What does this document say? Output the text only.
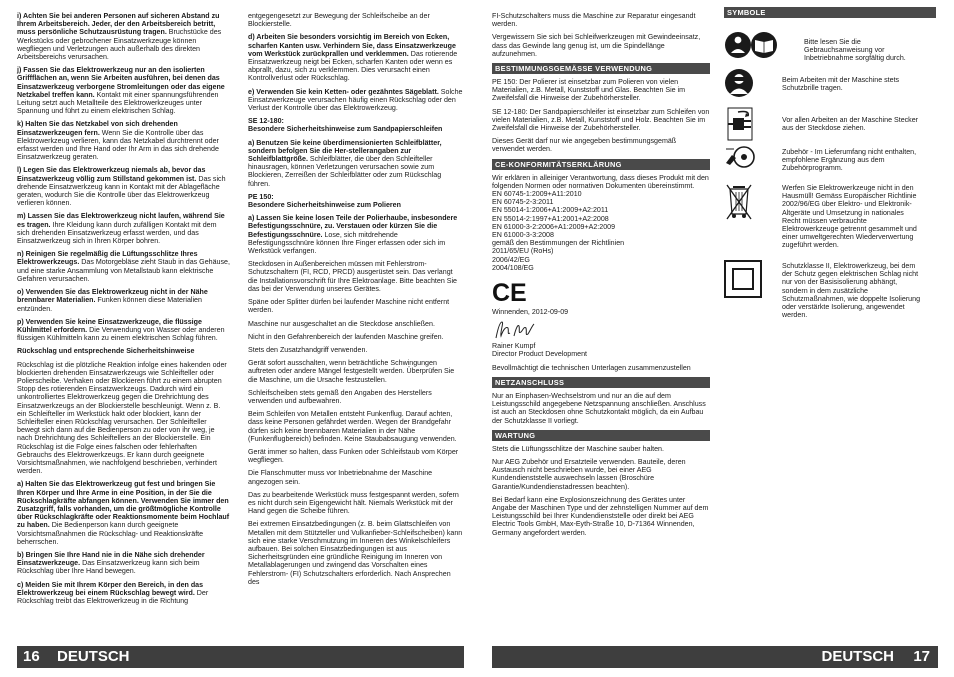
i) Achten Sie bei anderen Personen auf sicheren Abstand zu Ihrem Arbeitsbereich. Jeder, der den Arbeitsbereich betritt, muss persönliche Schutzausrüstung tragen. Bruchstücke des Werkstücks oder gebrochener Einsatzwerkzeuge können wegfliegen und Verletzungen auch außerhalb des direkten Arbeitsbereichs verursachen.

j) Fassen Sie das Elektrowerkzeug nur an den isolierten Griffflächen an, wenn Sie Arbeiten ausführen, bei denen das Einsatzwerkzeug verborgene Stromleitungen oder das eigene Netzkabel treffen kann. Kontakt mit einer spannungsführenden Leitung setzt auch Metallteile des Elektrowerkzeuges unter Spannung und führt zu einem elektrischen Schlag.

k) Halten Sie das Netzkabel von sich drehenden Einsatzwerkzeugen fern. Wenn Sie die Kontrolle über das Elektrowerkzeug verlieren, kann das Netzkabel durchtrennt oder erfasst werden und Ihre Hand oder Ihr Arm in das sich drehende Einsatzwerkzeug geraten.

l) Legen Sie das Elektrowerkzeug niemals ab, bevor das Einsatzwerkzeug völlig zum Stillstand gekommen ist. Das sich drehende Einsatzwerkzeug kann in Kontakt mit der Ablagefläche geraten, wodurch Sie die Kontrolle über das Elektrowerkzeug verlieren können.

m) Lassen Sie das Elektrowerkzeug nicht laufen, während Sie es tragen. Ihre Kleidung kann durch zufälligen Kontakt mit dem sich drehenden Einsatzwerkzeug erfasst werden, und das Einsatzwerkzeug sich in Ihren Körper bohren.

n) Reinigen Sie regelmäßig die Lüftungsschlitze Ihres Elektrowerkzeugs. Das Motorgebläse zieht Staub in das Gehäuse, und eine starke Ansammlung von Metallstaub kann elektrische Gefahren verursachen.

o) Verwenden Sie das Elektrowerkzeug nicht in der Nähe brennbarer Materialien. Funken können diese Materialien entzünden.

p) Verwenden Sie keine Einsatzwerkzeuge, die flüssige Kühlmittel erfordern. Die Verwendung von Wasser oder anderen flüssigen Kühlmitteln kann zu einem elektrischen Schlag führen.

Rückschlag und entsprechende Sicherheitshinweise

Rückschlag ist die plötzliche Reaktion infolge eines hakenden oder blockierten drehenden Einsatzwerkzeugs wie Schleifteller oder Polierscheibe. Verhaken oder Blockieren führt zu einem abrupten Stopp des rotierenden Einsatzwerkzeugs. Dadurch wird ein unkontrolliertes Elektrowerkzeug gegen die Drehrichtung des Einsatzwerkzeugs an der Blockierstelle beschleunigt. Wenn z. B. ein Schleifteller im Werkstück hakt oder blockiert, kann der Schleifteller einen Rückschlag verursachen. Der Schleifteller bewegt sich dann auf die Bedienperson zu oder von ihr weg, je nach Drehrichtung des Schleiftellers an der Blockierstelle. Ein Rückschlag ist die Folge eines falschen oder fehlerhaften Gebrauchs des Elektrowerkzeugs. Er kann durch geeignete Vorsichtsmaßnahmen, wie nachfolgend beschrieben, verhindert werden.

a) Halten Sie das Elektrowerkzeug gut fest und bringen Sie Ihren Körper und Ihre Arme in eine Position, in der Sie die Rückschlagkräfte abfangen können. Verwenden Sie immer den Zusatzgriff, falls vorhanden, um die größtmögliche Kontrolle über Rückschlagkräfte oder Reaktionsmomente beim Hochlauf zu haben. Die Bedienperson kann durch geeignete Vorsichtsmaßnahmen die Rückschlag- und Reaktionskräfte beherrschen.

b) Bringen Sie Ihre Hand nie in die Nähe sich drehender Einsatzwerkzeuge. Das Einsatzwerkzeug kann sich beim Rückschlag über Ihre Hand bewegen.

c) Meiden Sie mit Ihrem Körper den Bereich, in den das Elektrowerkzeug bei einem Rückschlag bewegt wird. Der Rückschlag treibt das Elektrowerkzeug in die Richtung

entgegengesetzt zur Bewegung der Schleifscheibe an der Blockierstelle.

d) Arbeiten Sie besonders vorsichtig im Bereich von Ecken, scharfen Kanten usw. Verhindern Sie, dass Einsatzwerkzeuge vom Werkstück zurückprallen und verklemmen. Das rotierende Einsatzwerkzeug neigt bei Ecken, scharfen Kanten oder wenn es abprallt, dazu, sich zu verklemmen. Dies verursacht einen Kontrollverlust oder Rückschlag.

e) Verwenden Sie kein Ketten- oder gezähntes Sägeblatt. Solche Einsatzwerkzeuge verursachen häufig einen Rückschlag oder den Verlust der Kontrolle über das Elektrowerkzeug.

SE 12-180:
Besondere Sicherheitshinweise zum Sandpapierschleifen

a) Benutzen Sie keine überdimensionierten Schleifblätter, sondern befolgen Sie die Her-stellerangaben zur Schleifblattgröße. Schleifblätter, die über den Schleifteller hinausragen, können Verletzungen verursachen sowie zum Blockieren, Zerreißen der Schleifblätter oder zum Rückschlag führen.

PE 150:
Besondere Sicherheitshinweise zum Polieren

a) Lassen Sie keine losen Teile der Polierhaube, insbesondere Befestigungsschnüre, zu. Verstauen oder kürzen Sie die Befestigungsschnüre. Lose, sich mitdrehende Befestigungsschnüre können Ihre Finger erfassen oder sich im Werkstück verfangen.

Steckdosen in Außenbereichen müssen mit Fehlerstrom-Schutzschaltern (FI, RCD, PRCD) ausgerüstet sein. Das verlangt die Installationsvorschrift für Ihre Elektroanlage. Bitte beachten Sie das bei der Verwendung unseres Gerätes.

Späne oder Splitter dürfen bei laufender Maschine nicht entfernt werden.

Maschine nur ausgeschaltet an die Steckdose anschließen.

Nicht in den Gefahrenbereich der laufenden Maschine greifen.

Stets den Zusatzhandgriff verwenden.

Gerät sofort ausschalten, wenn beträchtliche Schwingungen auftreten oder andere Mängel festgestellt werden. Überprüfen Sie die Maschine, um die Ursache festzustellen.

Schleifscheiben stets gemäß den Angaben des Herstellers verwenden und aufbewahren.

Beim Schleifen von Metallen entsteht Funkenflug. Darauf achten, dass keine Personen gefährdet werden. Wegen der Brandgefahr dürfen sich keine brennbaren Materialien in der Nähe (Funkenflugbereich) befinden. Keine Staubabsaugung verwenden.

Gerät immer so halten, dass Funken oder Schleifstaub vom Körper wegfliegen.

Die Flanschmutter muss vor Inbetriebnahme der Maschine angezogen sein.

Das zu bearbeitende Werkstück muss festgespannt werden, sofern es nicht durch sein Eigengewicht hält. Niemals Werkstück mit der Hand gegen die Scheibe führen.

Bei extremen Einsatzbedingungen (z. B. beim Glattschleifen von Metallen mit dem Stützteller und Vulkanfieber-Schleifscheiben) kann sich eine starke Verschmutzung im Inneren des Winkelschleifers aufbauen. Bei solchen Einsatzbedingungen ist aus Sicherheitsgründen eine gründliche Reinigung im Inneren von Metallablagerungen und zwingend das Vorschalten eines Fehlerstrom- (FI) Schutzschalters erforderlich. Nach Ansprechen des

FI-Schutzschalters muss die Maschine zur Reparatur eingesandt werden.

Vergewissern Sie sich bei Schleifwerkzeugen mit Gewindeeinsatz, dass das Gewinde lang genug ist, um die Spindellänge aufzunehmen.

BESTIMMUNGSGEMÄSSE VERWENDUNG

PE 150: Der Polierer ist einsetzbar zum Polieren von vielen Materialien, z.B. Metall, Kunststoff und Glas. Beachten Sie im Zweifelsfall die Hinweise der Zubehörhersteller.

SE 12-180: Der Sandpapierschleifer ist einsetzbar zum Schleifen von vielen Materialien, z.B. Metall, Kunststoff und Holz. Beachten Sie im Zweifelsfall die Hinweise der Zubehörhersteller.

Dieses Gerät darf nur wie angegeben bestimmungsgemäß verwendet werden.

CE-KONFORMITÄTSERKLÄRUNG

Wir erklären in alleiniger Verantwortung, dass dieses Produkt mit den folgenden Normen oder normativen Dokumenten übereinstimmt.

EN 60745-1:2009+A11:2010
EN 60745-2-3:2011
EN 55014-1:2006+A1:2009+A2:2011
EN 55014-2:1997+A1:2001+A2:2008
EN 61000-3-2:2006+A1:2009+A2:2009
EN 61000-3-3:2008
gemäß den Bestimmungen der Richtlinien
2011/65/EU (RoHs)
2006/42/EG
2004/108/EG
CE

Winnenden, 2012-09-09

Rainer Kumpf

Director Product Development

Bevollmächtigt die technischen Unterlagen zusammenzustellen

NETZANSCHLUSS

Nur an Einphasen-Wechselstrom und nur an die auf dem Leistungsschild angegebene Netzspannung anschließen. Anschluss ist auch an Steckdosen ohne Schutzkontakt möglich, da ein Aufbau der Schutzklasse II vorliegt.

WARTUNG

Stets die Lüftungsschlitze der Maschine sauber halten.

Nur AEG Zubehör und Ersatzteile verwenden. Bauteile, deren Austausch nicht beschrieben wurde, bei einer AEG Kundendienststelle auswechseln lassen (Broschüre Garantie/Kundendienstadressen beachten).

Bei Bedarf kann eine Explosionszeichnung des Gerätes unter Angabe der Maschinen Type und der zehnstelligen Nummer auf dem Leistungsschild bei Ihrer Kundendienststelle oder direkt bei AEG Electric Tools GmbH, Max-Eyth-Straße 10, D-71364 Winnenden, Germany angefordert werden.

SYMBOLE
Bitte lesen Sie die Gebrauchsanweisung vor Inbetriebnahme sorgfältig durch.
Beim Arbeiten mit der Maschine stets Schutzbrille tragen.
Vor allen Arbeiten an der Maschine Stecker aus der Steckdose ziehen.
Zubehör - Im Lieferumfang nicht enthalten, empfohlene Ergänzung aus dem Zubehörprogramm.
Werfen Sie Elektrowerkzeuge nicht in den Hausmüll! Gemäss Europäischer Richtlinie 2002/96/EG über Elektro- und Elektronik-Altgeräte und Umsetzung in nationales Recht müssen verbrauchte Elektrowerkzeuge getrennt gesammelt und einer umweltgerechten Wiederverwertung zugeführt werden.
Schutzklasse II, Elektrowerkzeug, bei dem der Schutz gegen elektrischen Schlag nicht nur von der Basisisolierung abhängt, sondern in dem zusätzliche Schutzmaßnahmen, wie doppelte Isolierung oder verstärkte Isolierung, angewendet werden.
16 DEUTSCH	DEUTSCH 17
